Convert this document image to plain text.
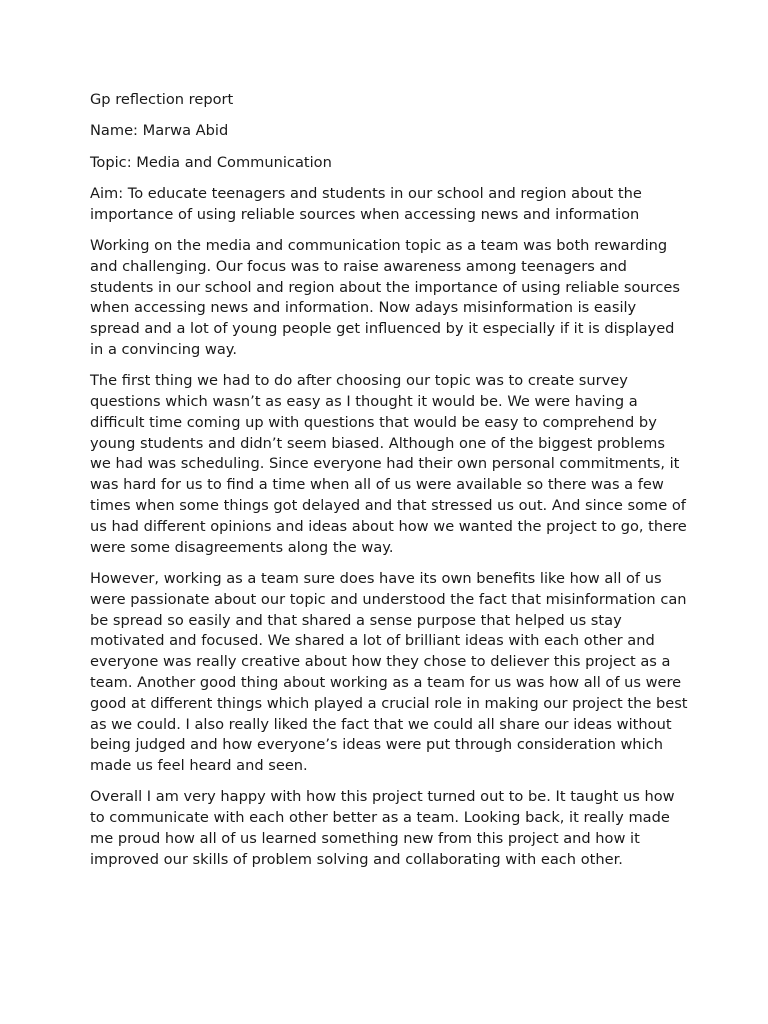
Gp reflection report

Name: Marwa Abid

Topic: Media and Communication

Aim: To educate teenagers and students in our school and region about the importance of using reliable sources when accessing news and information

Working on the media and communication topic as a team was both rewarding and challenging. Our focus was to raise awareness among teenagers and students in our school and region about the importance of using reliable sources when accessing news and information. Now adays misinformation is easily spread and a lot of young people get influenced by it especially if it is displayed in a convincing way.

The first thing we had to do after choosing our topic was to create survey questions which wasn’t as easy as I thought it would be. We were having a difficult time coming up with questions that would be easy to comprehend by young students and didn’t seem biased. Although one of the biggest problems we had was scheduling. Since everyone had their own personal commitments, it was hard for us to find a time when all of us were available so there was a few times when some things got delayed and that stressed us out. And since some of us had different opinions and ideas about how we wanted the project to go, there were some disagreements along the way.

However, working as a team sure does have its own benefits like how all of us were passionate about our topic and understood the fact that misinformation can be spread so easily and that shared a sense purpose that helped us stay motivated and focused. We shared a lot of brilliant ideas with each other and everyone was really creative about how they chose to deliever this project as a team. Another good thing about working as a team for us was how all of us were good at different things which played a crucial role in making our project the best as we could. I also really liked the fact that we could all share our ideas without being judged and how everyone’s ideas were put through consideration which made us feel heard and seen.

Overall I am very happy with how this project turned out to be. It taught us how to communicate with each other better as a team. Looking back, it really made me proud how all of us learned something new from this project and how it improved our skills of problem solving and collaborating with each other.
